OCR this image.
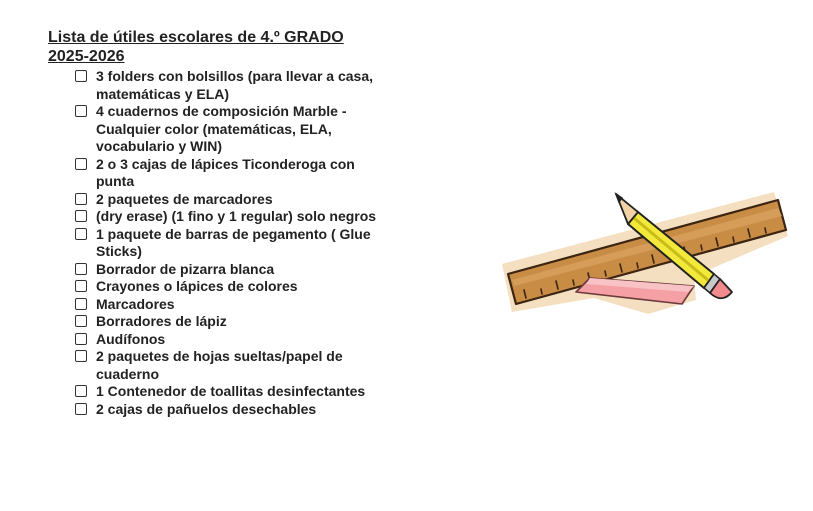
Lista de útiles escolares de 4.º GRADO 2025-2026
3 folders con bolsillos (para llevar a casa, matemáticas y ELA)
4 cuadernos de composición Marble - Cualquier color (matemáticas, ELA, vocabulario y WIN)
2 o 3 cajas de lápices Ticonderoga con punta
2 paquetes de marcadores
(dry erase) (1 fino y 1 regular) solo negros
1 paquete de barras de pegamento ( Glue Sticks)
Borrador de pizarra blanca
Crayones o lápices de colores
Marcadores
Borradores de lápiz
Audífonos
2 paquetes de hojas sueltas/papel de cuaderno
1 Contenedor de toallitas desinfectantes
2 cajas de pañuelos desechables
